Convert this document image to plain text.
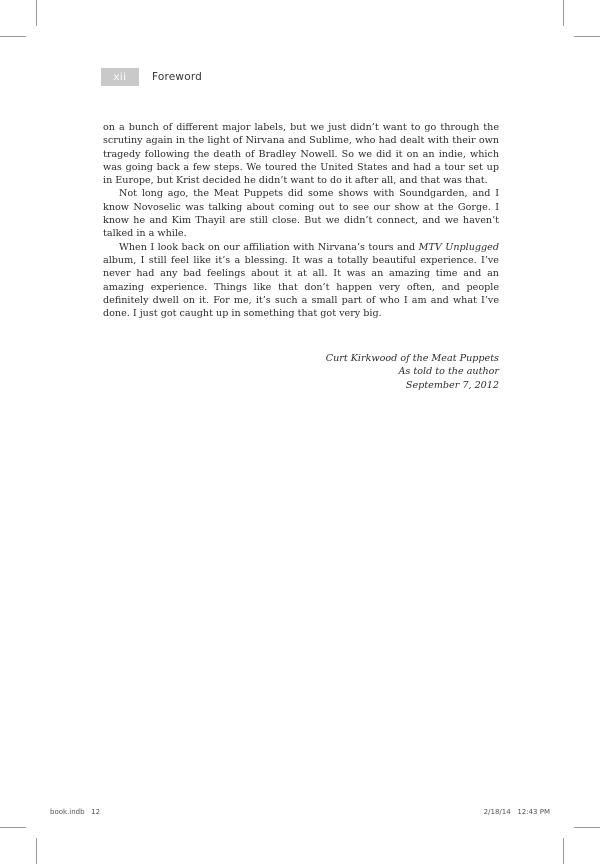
xii	Foreword

on a bunch of different major labels, but we just didn’t want to go through the scrutiny again in the light of Nirvana and Sublime, who had dealt with their own tragedy following the death of Bradley Nowell. So we did it on an indie, which was going back a few steps. We toured the United States and had a tour set up in Europe, but Krist decided he didn’t want to do it after all, and that was that.

Not long ago, the Meat Puppets did some shows with Soundgarden, and I know Novoselic was talking about coming out to see our show at the Gorge. I know he and Kim Thayil are still close. But we didn’t connect, and we haven’t talked in a while.

When I look back on our affiliation with Nirvana’s tours and MTV Unplugged album, I still feel like it’s a blessing. It was a totally beautiful experience. I’ve never had any bad feelings about it at all. It was an amazing time and an amazing experience. Things like that don’t happen very often, and people definitely dwell on it. For me, it’s such a small part of who I am and what I’ve done. I just got caught up in something that got very big.

Curt Kirkwood of the Meat Puppets
As told to the author
September 7, 2012
book.indb   12	2/18/14   12:43 PM
